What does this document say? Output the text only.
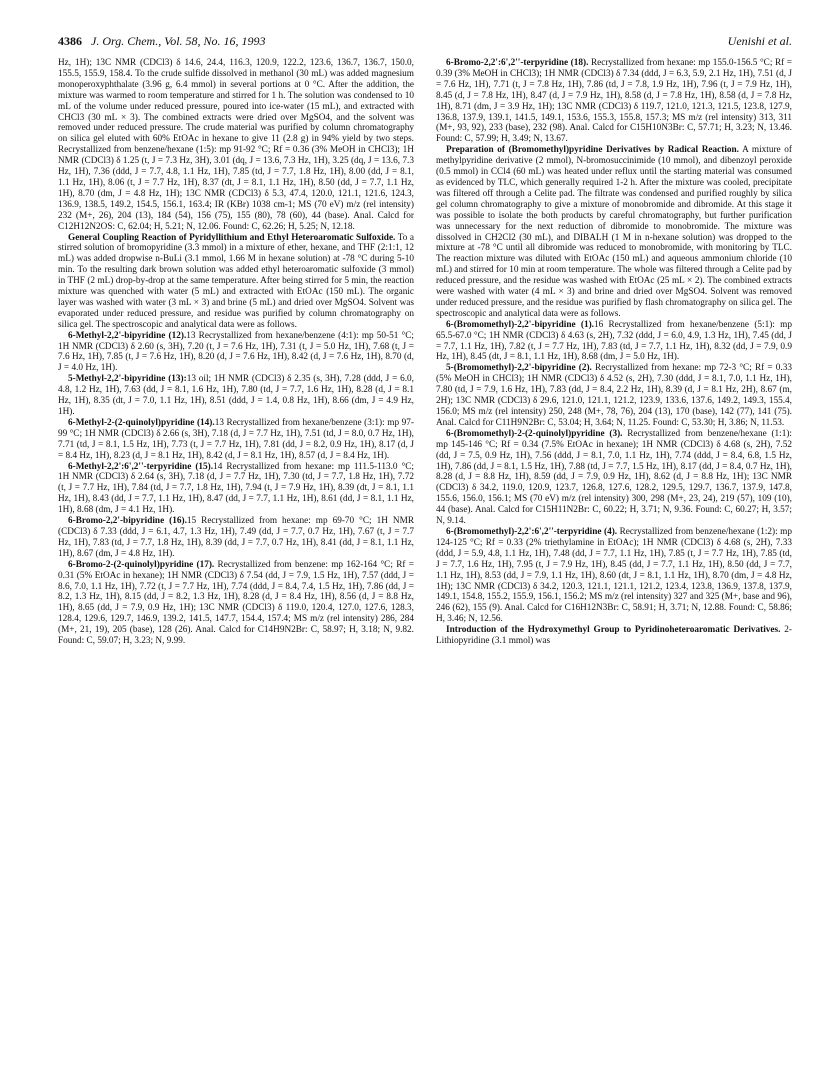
4386 J. Org. Chem., Vol. 58, No. 16, 1993	Uenishi et al.

Hz, 1H); 13C NMR (CDCl3) δ 14.6, 24.4, 116.3, 120.9, 122.2, 123.6, 136.7, 136.7, 150.0, 155.5, 155.9, 158.4. To the crude sulfide dissolved in methanol (30 mL) was added magnesium monoperoxyphthalate (3.96 g, 6.4 mmol) in several portions at 0 °C. After the addition, the mixture was warmed to room temperature and stirred for 1 h. The solution was condensed to 10 mL of the volume under reduced pressure, poured into ice-water (15 mL), and extracted with CHCl3 (30 mL × 3). The combined extracts were dried over MgSO4, and the solvent was removed under reduced pressure. The crude material was purified by column chromatography on silica gel eluted with 60% EtOAc in hexane to give 11 (2.8 g) in 94% yield by two steps. Recrystallized from benzene/hexane (1:5): mp 91-92 °C; Rf = 0.36 (3% MeOH in CHCl3); 1H NMR (CDCl3) δ 1.25 (t, J = 7.3 Hz, 3H), 3.01 (dq, J = 13.6, 7.3 Hz, 1H), 3.25 (dq, J = 13.6, 7.3 Hz, 1H), 7.36 (ddd, J = 7.7, 4.8, 1.1 Hz, 1H), 7.85 (td, J = 7.7, 1.8 Hz, 1H), 8.00 (dd, J = 8.1, 1.1 Hz, 1H), 8.06 (t, J = 7.7 Hz, 1H), 8.37 (dt, J = 8.1, 1.1 Hz, 1H), 8.50 (dd, J = 7.7, 1.1 Hz, 1H), 8.70 (dm, J = 4.8 Hz, 1H); 13C NMR (CDCl3) δ 5.3, 47.4, 120.0, 121.1, 121.6, 124.3, 136.9, 138.5, 149.2, 154.5, 156.1, 163.4; IR (KBr) 1038 cm-1; MS (70 eV) m/z (rel intensity) 232 (M+, 26), 204 (13), 184 (54), 156 (75), 155 (80), 78 (60), 44 (base). Anal. Calcd for C12H12N2OS: C, 62.04; H, 5.21; N, 12.06. Found: C, 62.26; H, 5.25; N, 12.18.

General Coupling Reaction of Pyridyllithium and Ethyl Heteroaromatic Sulfoxide. To a stirred solution of bromopyridine (3.3 mmol) in a mixture of ether, hexane, and THF (2:1:1, 12 mL) was added dropwise n-BuLi (3.1 mmol, 1.66 M in hexane solution) at -78 °C during 5-10 min. To the resulting dark brown solution was added ethyl heteroaromatic sulfoxide (3 mmol) in THF (2 mL) drop-by-drop at the same temperature. After being stirred for 5 min, the reaction mixture was quenched with water (5 mL) and extracted with EtOAc (150 mL). The organic layer was washed with water (3 mL × 3) and brine (5 mL) and dried over MgSO4. Solvent was evaporated under reduced pressure, and residue was purified by column chromatography on silica gel. The spectroscopic and analytical data were as follows.

6-Methyl-2,2'-bipyridine (12).13 Recrystallized from hexane/benzene (4:1): mp 50-51 °C; 1H NMR (CDCl3) δ 2.60 (s, 3H), 7.20 (t, J = 7.6 Hz, 1H), 7.31 (t, J = 5.0 Hz, 1H), 7.68 (t, J = 7.6 Hz, 1H), 7.85 (t, J = 7.6 Hz, 1H), 8.20 (d, J = 7.6 Hz, 1H), 8.42 (d, J = 7.6 Hz, 1H), 8.70 (d, J = 4.0 Hz, 1H).

5-Methyl-2,2'-bipyridine (13):13 oil; 1H NMR (CDCl3) δ 2.35 (s, 3H), 7.28 (ddd, J = 6.0, 4.8, 1.2 Hz, 1H), 7.63 (dd, J = 8.1, 1.6 Hz, 1H), 7.80 (td, J = 7.7, 1.6 Hz, 1H), 8.28 (d, J = 8.1 Hz, 1H), 8.35 (dt, J = 7.0, 1.1 Hz, 1H), 8.51 (ddd, J = 1.4, 0.8 Hz, 1H), 8.66 (dm, J = 4.9 Hz, 1H).

6-Methyl-2-(2-quinolyl)pyridine (14).13 Recrystallized from hexane/benzene (3:1): mp 97-99 °C; 1H NMR (CDCl3) δ 2.66 (s, 3H), 7.18 (d, J = 7.7 Hz, 1H), 7.51 (td, J = 8.0, 0.7 Hz, 1H), 7.71 (td, J = 8.1, 1.5 Hz, 1H), 7.73 (t, J = 7.7 Hz, 1H), 7.81 (dd, J = 8.2, 0.9 Hz, 1H), 8.17 (d, J = 8.4 Hz, 1H), 8.23 (d, J = 8.1 Hz, 1H), 8.42 (d, J = 8.1 Hz, 1H), 8.57 (d, J = 8.4 Hz, 1H).

6-Methyl-2,2':6',2''-terpyridine (15).14 Recrystallized from hexane: mp 111.5-113.0 °C; 1H NMR (CDCl3) δ 2.64 (s, 3H), 7.18 (d, J = 7.7 Hz, 1H), 7.30 (td, J = 7.7, 1.8 Hz, 1H), 7.72 (t, J = 7.7 Hz, 1H), 7.84 (td, J = 7.7, 1.8 Hz, 1H), 7.94 (t, J = 7.9 Hz, 1H), 8.39 (dt, J = 8.1, 1.1 Hz, 1H), 8.43 (dd, J = 7.7, 1.1 Hz, 1H), 8.47 (dd, J = 7.7, 1.1 Hz, 1H), 8.61 (dd, J = 8.1, 1.1 Hz, 1H), 8.68 (dm, J = 4.1 Hz, 1H).

6-Bromo-2,2'-bipyridine (16).15 Recrystallized from hexane: mp 69-70 °C; 1H NMR (CDCl3) δ 7.33 (ddd, J = 6.1, 4.7, 1.3 Hz, 1H), 7.49 (dd, J = 7.7, 0.7 Hz, 1H), 7.67 (t, J = 7.7 Hz, 1H), 7.83 (td, J = 7.7, 1.8 Hz, 1H), 8.39 (dd, J = 7.7, 0.7 Hz, 1H), 8.41 (dd, J = 8.1, 1.1 Hz, 1H), 8.67 (dm, J = 4.8 Hz, 1H).

6-Bromo-2-(2-quinolyl)pyridine (17). Recrystallized from benzene: mp 162-164 °C; Rf = 0.31 (5% EtOAc in hexane); 1H NMR (CDCl3) δ 7.54 (dd, J = 7.9, 1.5 Hz, 1H), 7.57 (ddd, J = 8.6, 7.0, 1.1 Hz, 1H), 7.72 (t, J = 7.7 Hz, 1H), 7.74 (ddd, J = 8.4, 7.4, 1.5 Hz, 1H), 7.86 (dd, J = 8.2, 1.3 Hz, 1H), 8.15 (dd, J = 8.2, 1.3 Hz, 1H), 8.28 (d, J = 8.4 Hz, 1H), 8.56 (d, J = 8.8 Hz, 1H), 8.65 (dd, J = 7.9, 0.9 Hz, 1H); 13C NMR (CDCl3) δ 119.0, 120.4, 127.0, 127.6, 128.3, 128.4, 129.6, 129.7, 146.9, 139.2, 141.5, 147.7, 154.4, 157.4; MS m/z (rel intensity) 286, 284 (M+, 21, 19), 205 (base), 128 (26). Anal. Calcd for C14H9N2Br: C, 58.97; H, 3.18; N, 9.82. Found: C, 59.07; H, 3.23; N, 9.99.

6-Bromo-2,2':6',2''-terpyridine (18). Recrystallized from hexane: mp 155.0-156.5 °C; Rf = 0.39 (3% MeOH in CHCl3); 1H NMR (CDCl3) δ 7.34 (ddd, J = 6.3, 5.9, 2.1 Hz, 1H), 7.51 (d, J = 7.6 Hz, 1H), 7.71 (t, J = 7.8 Hz, 1H), 7.86 (td, J = 7.8, 1.9 Hz, 1H), 7.96 (t, J = 7.9 Hz, 1H), 8.45 (d, J = 7.8 Hz, 1H), 8.47 (d, J = 7.9 Hz, 1H), 8.58 (d, J = 7.8 Hz, 1H), 8.58 (d, J = 7.8 Hz, 1H), 8.71 (dm, J = 3.9 Hz, 1H); 13C NMR (CDCl3) δ 119.7, 121.0, 121.3, 121.5, 123.8, 127.9, 136.8, 137.9, 139.1, 141.5, 149.1, 153.6, 155.3, 155.8, 157.3; MS m/z (rel intensity) 313, 311 (M+, 93, 92), 233 (base), 232 (98). Anal. Calcd for C15H10N3Br: C, 57.71; H, 3.23; N, 13.46. Found: C, 57.99; H, 3.49; N, 13.67.

Preparation of (Bromomethyl)pyridine Derivatives by Radical Reaction. A mixture of methylpyridine derivative (2 mmol), N-bromosuccinimide (10 mmol), and dibenzoyl peroxide (0.5 mmol) in CCl4 (60 mL) was heated under reflux until the starting material was consumed as evidenced by TLC, which generally required 1-2 h. After the mixture was cooled, precipitate was filtered off through a Celite pad. The filtrate was condensed and purified roughly by silica gel column chromatography to give a mixture of monobromide and dibromide. At this stage it was possible to isolate the both products by careful chromatography, but further purification was unnecessary for the next reduction of dibromide to monobromide. The mixture was dissolved in CH2Cl2 (30 mL), and DIBALH (1 M in n-hexane solution) was dropped to the mixture at -78 °C until all dibromide was reduced to monobromide, with monitoring by TLC. The reaction mixture was diluted with EtOAc (150 mL) and aqueous ammonium chloride (10 mL) and stirred for 10 min at room temperature. The whole was filtered through a Celite pad by reduced pressure, and the residue was washed with EtOAc (25 mL × 2). The combined extracts were washed with water (4 mL × 3) and brine and dried over MgSO4. Solvent was removed under reduced pressure, and the residue was purified by flash chromatography on silica gel. The spectroscopic and analytical data were as follows.

6-(Bromomethyl)-2,2'-bipyridine (1).16 Recrystallized from hexane/benzene (5:1): mp 65.5-67.0 °C; 1H NMR (CDCl3) δ 4.63 (s, 2H), 7.32 (ddd, J = 6.0, 4.9, 1.3 Hz, 1H), 7.45 (dd, J = 7.7, 1.1 Hz, 1H), 7.82 (t, J = 7.7 Hz, 1H), 7.83 (td, J = 7.7, 1.1 Hz, 1H), 8.32 (dd, J = 7.9, 0.9 Hz, 1H), 8.45 (dt, J = 8.1, 1.1 Hz, 1H), 8.68 (dm, J = 5.0 Hz, 1H).

5-(Bromomethyl)-2,2'-bipyridine (2). Recrystallized from hexane: mp 72-3 °C; Rf = 0.33 (5% MeOH in CHCl3); 1H NMR (CDCl3) δ 4.52 (s, 2H), 7.30 (ddd, J = 8.1, 7.0, 1.1 Hz, 1H), 7.80 (td, J = 7.9, 1.6 Hz, 1H), 7.83 (dd, J = 8.4, 2.2 Hz, 1H), 8.39 (d, J = 8.1 Hz, 2H), 8.67 (m, 2H); 13C NMR (CDCl3) δ 29.6, 121.0, 121.1, 121.2, 123.9, 133.6, 137.6, 149.2, 149.3, 155.4, 156.0; MS m/z (rel intensity) 250, 248 (M+, 78, 76), 204 (13), 170 (base), 142 (77), 141 (75). Anal. Calcd for C11H9N2Br: C, 53.04; H, 3.64; N, 11.25. Found: C, 53.30; H, 3.86; N, 11.53.

6-(Bromomethyl)-2-(2-quinolyl)pyridine (3). Recrystallized from benzene/hexane (1:1): mp 145-146 °C; Rf = 0.34 (7.5% EtOAc in hexane); 1H NMR (CDCl3) δ 4.68 (s, 2H), 7.52 (dd, J = 7.5, 0.9 Hz, 1H), 7.56 (ddd, J = 8.1, 7.0, 1.1 Hz, 1H), 7.74 (ddd, J = 8.4, 6.8, 1.5 Hz, 1H), 7.86 (dd, J = 8.1, 1.5 Hz, 1H), 7.88 (td, J = 7.7, 1.5 Hz, 1H), 8.17 (dd, J = 8.4, 0.7 Hz, 1H), 8.28 (d, J = 8.8 Hz, 1H), 8.59 (dd, J = 7.9, 0.9 Hz, 1H), 8.62 (d, J = 8.8 Hz, 1H); 13C NMR (CDCl3) δ 34.2, 119.0, 120.9, 123.7, 126.8, 127.6, 128.2, 129.5, 129.7, 136.7, 137.9, 147.8, 155.6, 156.0, 156.1; MS (70 eV) m/z (rel intensity) 300, 298 (M+, 23, 24), 219 (57), 109 (10), 44 (base). Anal. Calcd for C15H11N2Br: C, 60.22; H, 3.71; N, 9.36. Found: C, 60.27; H, 3.57; N, 9.14.

6-(Bromomethyl)-2,2':6',2''-terpyridine (4). Recrystallized from benzene/hexane (1:2): mp 124-125 °C; Rf = 0.33 (2% triethylamine in EtOAc); 1H NMR (CDCl3) δ 4.68 (s, 2H), 7.33 (ddd, J = 5.9, 4.8, 1.1 Hz, 1H), 7.48 (dd, J = 7.7, 1.1 Hz, 1H), 7.85 (t, J = 7.7 Hz, 1H), 7.85 (td, J = 7.7, 1.6 Hz, 1H), 7.95 (t, J = 7.9 Hz, 1H), 8.45 (dd, J = 7.7, 1.1 Hz, 1H), 8.50 (dd, J = 7.7, 1.1 Hz, 1H), 8.53 (dd, J = 7.9, 1.1 Hz, 1H), 8.60 (dt, J = 8.1, 1.1 Hz, 1H), 8.70 (dm, J = 4.8 Hz, 1H); 13C NMR (CDCl3) δ 34.2, 120.3, 121.1, 121.1, 121.2, 123.4, 123.8, 136.9, 137.8, 137.9, 149.1, 154.8, 155.2, 155.9, 156.1, 156.2; MS m/z (rel intensity) 327 and 325 (M+, base and 96), 246 (62), 155 (9). Anal. Calcd for C16H12N3Br: C, 58.91; H, 3.71; N, 12.88. Found: C, 58.86; H, 3.46; N, 12.56.

Introduction of the Hydroxymethyl Group to Pyridinoheteroaromatic Derivatives. 2-Lithiopyridine (3.1 mmol) was
